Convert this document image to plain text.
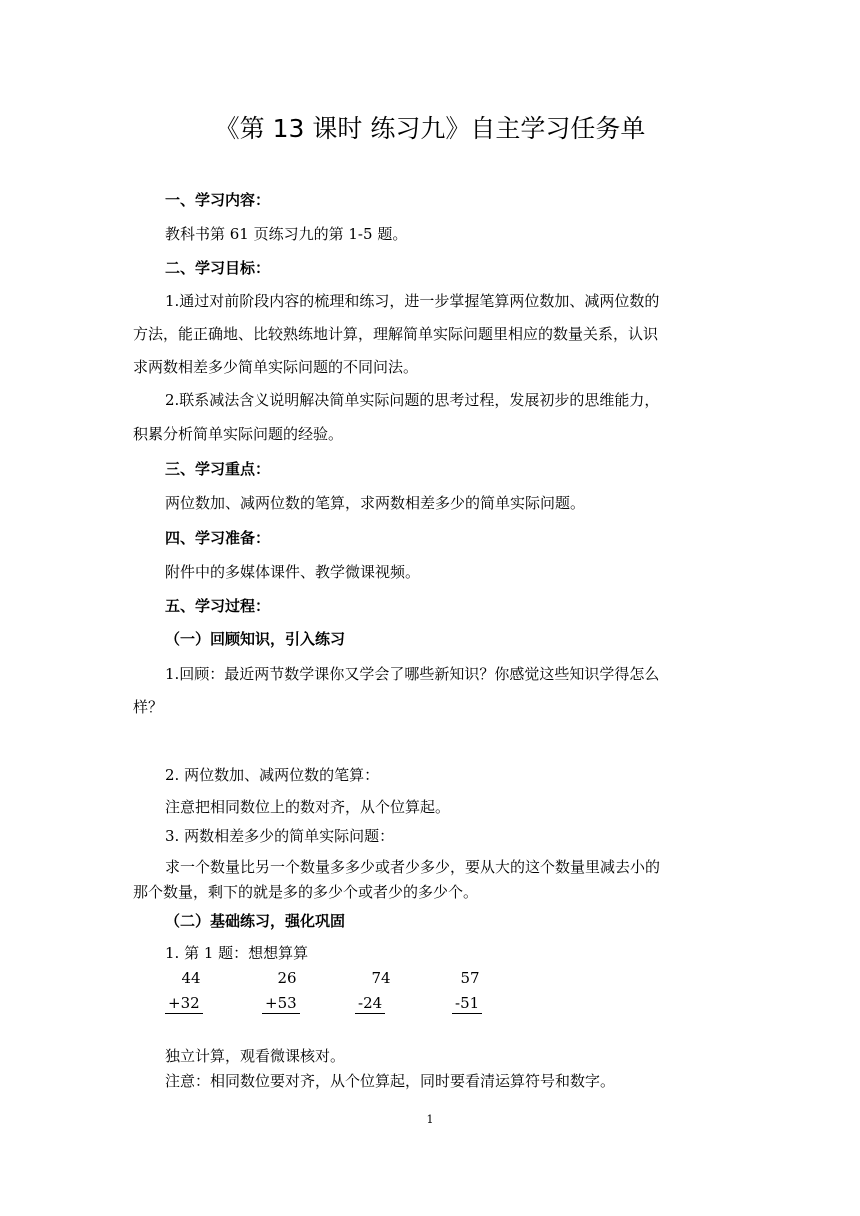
《第 13 课时 练习九》自主学习任务单
一、学习内容：
教科书第 61 页练习九的第 1-5 题。
二、学习目标：
1.通过对前阶段内容的梳理和练习，进一步掌握笔算两位数加、减两位数的
方法，能正确地、比较熟练地计算，理解简单实际问题里相应的数量关系，认识
求两数相差多少简单实际问题的不同问法。
2.联系减法含义说明解决简单实际问题的思考过程，发展初步的思维能力，
积累分析简单实际问题的经验。
三、学习重点：
两位数加、减两位数的笔算，求两数相差多少的简单实际问题。
四、学习准备：
附件中的多媒体课件、教学微课视频。
五、学习过程：
（一）回顾知识，引入练习
1.回顾：最近两节数学课你又学会了哪些新知识？你感觉这些知识学得怎么
样？
2. 两位数加、减两位数的笔算：
注意把相同数位上的数对齐，从个位算起。
3. 两数相差多少的简单实际问题：
求一个数量比另一个数量多多少或者少多少，要从大的这个数量里减去小的
那个数量，剩下的就是多的多少个或者少的多少个。
（二）基础练习，强化巩固
1. 第 1 题：想想算算
44
+32
26
+53
74
-24
57
-51
独立计算，观看微课核对。
注意：相同数位要对齐，从个位算起，同时要看清运算符号和数字。
1
